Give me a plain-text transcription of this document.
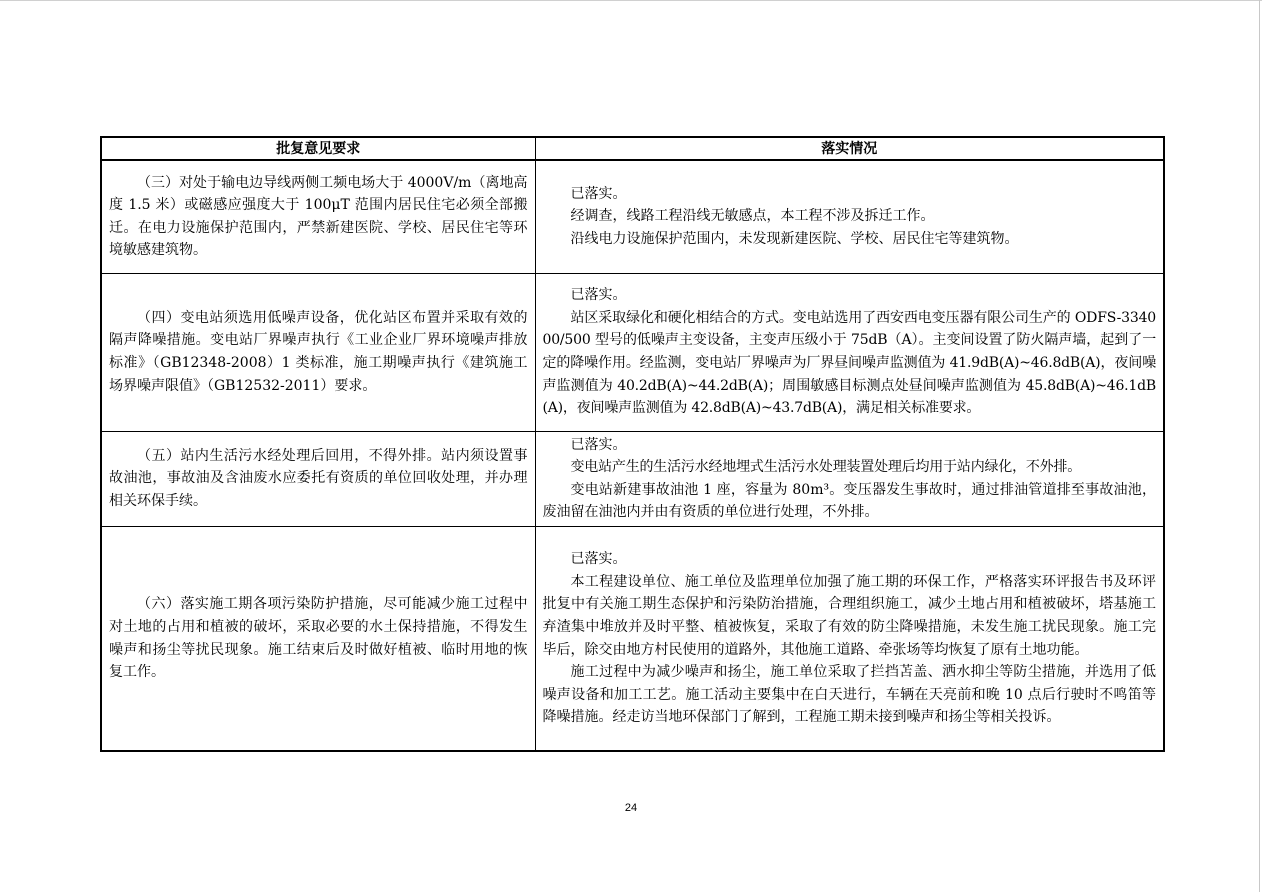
批复意见要求	落实情况

（三）对处于输电边导线两侧工频电场大于 4000V/m（离地高度 1.5 米）或磁感应强度大于 100μT 范围内居民住宅必须全部搬迁。在电力设施保护范围内，严禁新建医院、学校、居民住宅等环境敏感建筑物。	已落实。
经调查，线路工程沿线无敏感点，本工程不涉及拆迁工作。
沿线电力设施保护范围内，未发现新建医院、学校、居民住宅等建筑物。

（四）变电站须选用低噪声设备，优化站区布置并采取有效的隔声降噪措施。变电站厂界噪声执行《工业企业厂界环境噪声排放标准》（GB12348-2008）1 类标准，施工期噪声执行《建筑施工场界噪声限值》（GB12532-2011）要求。	已落实。
站区采取绿化和硬化相结合的方式。变电站选用了西安西电变压器有限公司生产的 ODFS-334000/500 型号的低噪声主变设备，主变声压级小于 75dB（A）。主变间设置了防火隔声墙，起到了一定的降噪作用。经监测，变电站厂界噪声为厂界昼间噪声监测值为 41.9dB(A)~46.8dB(A)，夜间噪声监测值为 40.2dB(A)~44.2dB(A)；周围敏感目标测点处昼间噪声监测值为 45.8dB(A)~46.1dB(A)，夜间噪声监测值为 42.8dB(A)~43.7dB(A)，满足相关标准要求。

（五）站内生活污水经处理后回用，不得外排。站内须设置事故油池，事故油及含油废水应委托有资质的单位回收处理，并办理相关环保手续。	已落实。
变电站产生的生活污水经地埋式生活污水处理装置处理后均用于站内绿化，不外排。
变电站新建事故油池 1 座，容量为 80m³。变压器发生事故时，通过排油管道排至事故油池，废油留在油池内并由有资质的单位进行处理，不外排。

（六）落实施工期各项污染防护措施，尽可能减少施工过程中对土地的占用和植被的破坏，采取必要的水土保持措施，不得发生噪声和扬尘等扰民现象。施工结束后及时做好植被、临时用地的恢复工作。	已落实。
本工程建设单位、施工单位及监理单位加强了施工期的环保工作，严格落实环评报告书及环评批复中有关施工期生态保护和污染防治措施，合理组织施工，减少土地占用和植被破坏，塔基施工弃渣集中堆放并及时平整、植被恢复，采取了有效的防尘降噪措施，未发生施工扰民现象。施工完毕后，除交由地方村民使用的道路外，其他施工道路、牵张场等均恢复了原有土地功能。
施工过程中为减少噪声和扬尘，施工单位采取了拦挡苫盖、洒水抑尘等防尘措施，并选用了低噪声设备和加工工艺。施工活动主要集中在白天进行，车辆在天亮前和晚 10 点后行驶时不鸣笛等降噪措施。经走访当地环保部门了解到，工程施工期未接到噪声和扬尘等相关投诉。
24
